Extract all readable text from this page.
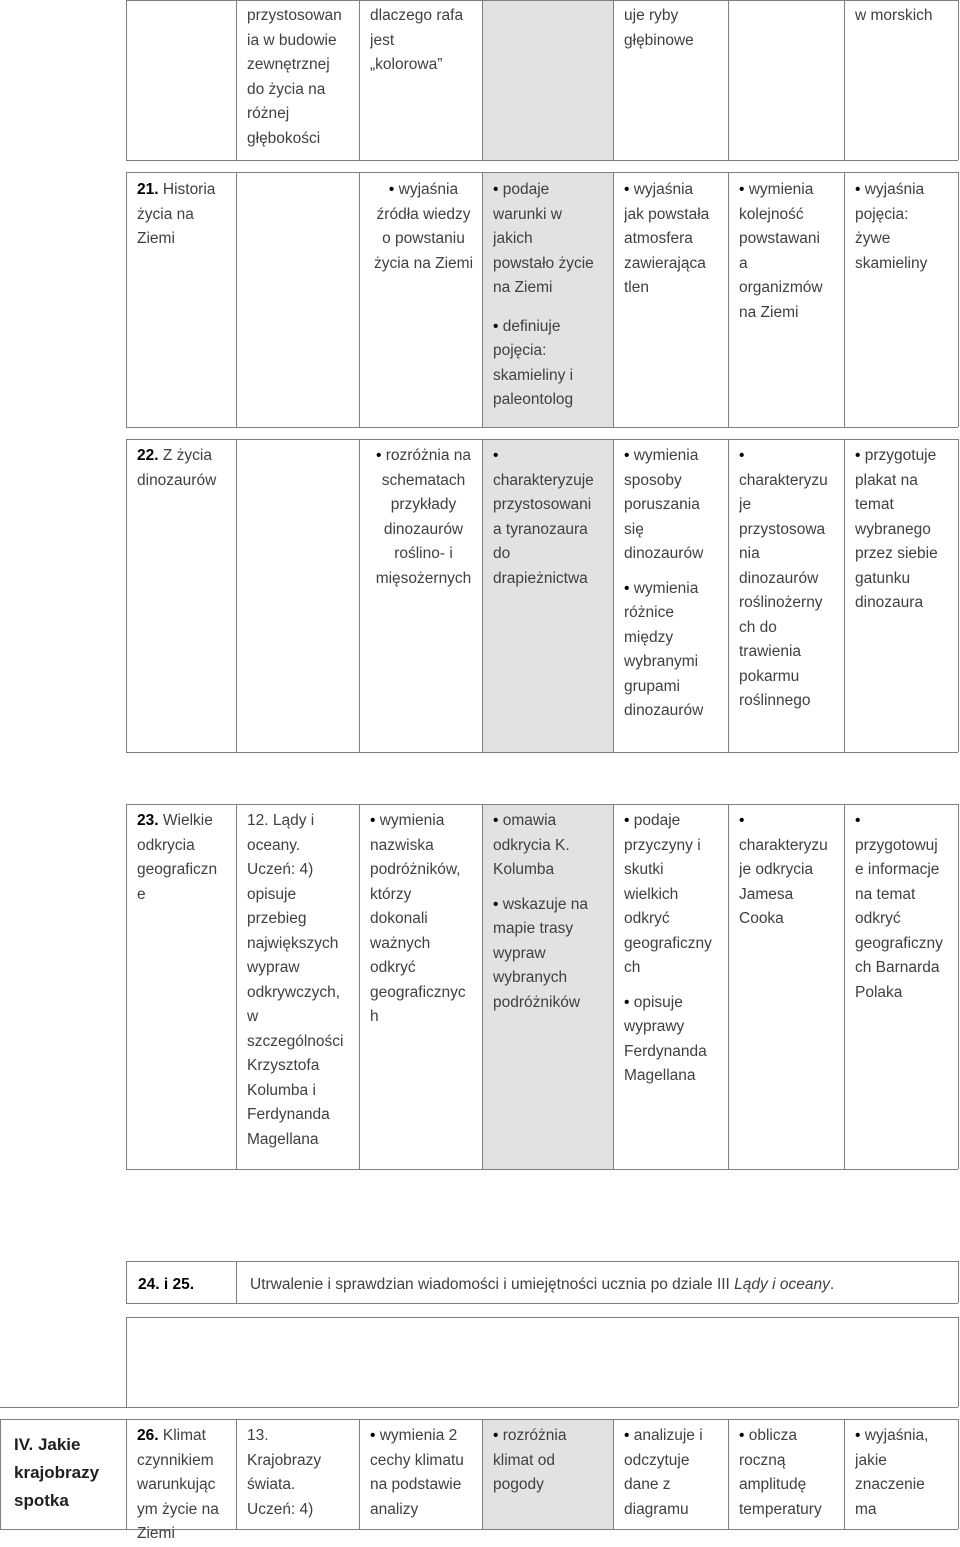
24. i 25.	Utrwalenie i sprawdzian wiadomości i umiejętności ucznia po dziale III Lądy i oceany.
IV. Jakie
krajobrazy
spotka
przystosowan
ia w budowie
zewnętrznej
do życia na
różnej
głębokości
dlaczego rafa
jest
„kolorowa”
uje ryby
głębinowe
w morskich
21. Historia
życia na
Ziemi
• wyjaśnia
źródła wiedzy
o powstaniu
życia na Ziemi
• podaje
warunki w
jakich
powstało życie
na Ziemi
• definiuje
pojęcia:
skamieliny i
paleontolog
• wyjaśnia
jak powstała
atmosfera
zawierająca
tlen
• wymienia
kolejność
powstawani
a
organizmów
na Ziemi
• wyjaśnia
pojęcia:
żywe
skamieliny
22. Z życia
dinozaurów
• rozróżnia na
schematach
przykłady
dinozaurów
roślino- i
mięsożernych
•
charakteryzuje
przystosowani
a tyranozaura
do
drapieżnictwa
• wymienia
sposoby
poruszania
się
dinozaurów
• wymienia
różnice
między
wybranymi
grupami
dinozaurów
•
charakteryzu
je
przystosowa
nia
dinozaurów
roślinożerny
ch do
trawienia
pokarmu
roślinnego
• przygotuje
plakat na
temat
wybranego
przez siebie
gatunku
dinozaura
23. Wielkie
odkrycia
geograficzn
e
12. Lądy i
oceany.
Uczeń: 4)
opisuje
przebieg
największych
wypraw
odkrywczych,
w
szczególności
Krzysztofa
Kolumba i
Ferdynanda
Magellana
• wymienia
nazwiska
podróżników,
którzy
dokonali
ważnych
odkryć
geograficznyc
h
• omawia
odkrycia K.
Kolumba
• wskazuje na
mapie trasy
wypraw
wybranych
podróżników
• podaje
przyczyny i
skutki
wielkich
odkryć
geograficzny
ch
• opisuje
wyprawy
Ferdynanda
Magellana
•
charakteryzu
je odkrycia
Jamesa
Cooka
•
przygotowuj
e informacje
na temat
odkryć
geograficzny
ch Barnarda
Polaka
26. Klimat
czynnikiem
warunkując
ym życie na
Ziemi
13.
Krajobrazy
świata.
Uczeń: 4)
• wymienia 2
cechy klimatu
na podstawie
analizy
• rozróżnia
klimat od
pogody
• analizuje i
odczytuje
dane z
diagramu
• oblicza
roczną
amplitudę
temperatury
• wyjaśnia,
jakie
znaczenie
ma
